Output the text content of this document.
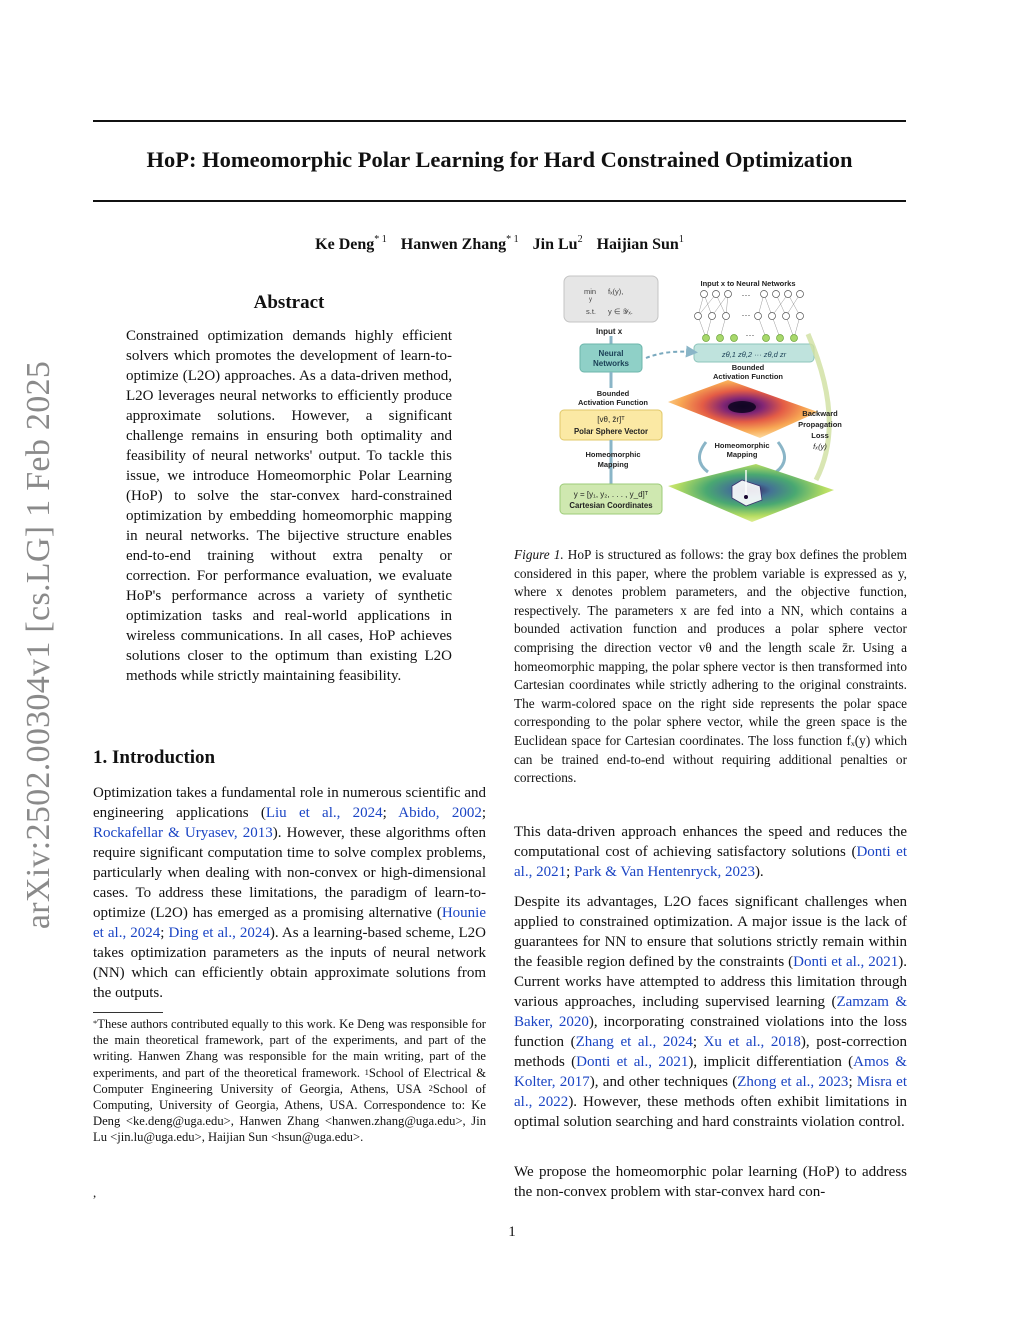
HoP: Homeomorphic Polar Learning for Hard Constrained Optimization
Ke Deng$^{* 1}$ Hanwen Zhang$^{* 1}$ Jin Lu$^2$ Haijian Sun$^1$
arXiv:2502.00304v1 [cs.LG] 1 Feb 2025
Abstract
Constrained optimization demands highly efficient solvers which promotes the development of learn-to-optimize (L2O) approaches. As a data-driven method, L2O leverages neural networks to efficiently produce approximate solutions. However, a significant challenge remains in ensuring both optimality and feasibility of neural networks' output. To tackle this issue, we introduce Homeomorphic Polar Learning (HoP) to solve the star-convex hard-constrained optimization by embedding homeomorphic mapping in neural networks. The bijective structure enables end-to-end training without extra penalty or correction. For performance evaluation, we evaluate HoP's performance across a variety of synthetic optimization tasks and real-world applications in wireless communications. In all cases, HoP achieves solutions closer to the optimum than existing L2O methods while strictly maintaining feasibility.
1. Introduction
Optimization takes a fundamental role in numerous scientific and engineering applications (Liu et al., 2024; Abido, 2002; Rockafellar & Uryasev, 2013). However, these algorithms often require significant computation time to solve complex problems, particularly when dealing with non-convex or high-dimensional cases. To address these limitations, the paradigm of learn-to-optimize (L2O) has emerged as a promising alternative (Hounie et al., 2024; Ding et al., 2024). As a learning-based scheme, L2O takes optimization parameters as the inputs of neural network (NN) which can efficiently obtain approximate solutions from the outputs.
*These authors contributed equally to this work. Ke Deng was responsible for the main theoretical framework, part of the experiments, and part of the writing. Hanwen Zhang was responsible for the main writing, part of the experiments, and part of the theoretical framework. $^1$School of Electrical & Computer Engineering University of Georgia, Athens, USA $^2$School of Computing, University of Georgia, Athens, USA. Correspondence to: Ke Deng <ke.deng@uga.edu>, Hanwen Zhang <hanwen.zhang@uga.edu>, Jin Lu <jin.lu@uga.edu>, Haijian Sun <hsun@uga.edu>.
,
min fₓ(y),
y
s.t. y ∈ 𝒴ₓ.
Input x
Neural
Networks
Bounded
Activation Function
[vθ, z̄r]ᵀ
Polar Sphere Vector
Homeomorphic
Mapping
y = [y₁, y₂, . . . , y_d]ᵀ
Cartesian Coordinates
Input x to Neural Networks
···
···
···
zθ,1 zθ,2 ··· zθ,d zr
Bounded
Activation Function
Homeomorphic
Mapping
Backward
Propagation
Loss
fₓ(y)
Figure 1. HoP is structured as follows: the gray box defines the problem considered in this paper, where the problem variable is expressed as y, where x denotes problem parameters, and the objective function, respectively. The parameters x are fed into a NN, which contains a bounded activation function and produces a polar sphere vector comprising the direction vector vθ and the length scale z̄r. Using a homeomorphic mapping, the polar sphere vector is then transformed into Cartesian coordinates while strictly adhering to the original constraints. The warm-colored space on the right side represents the polar space corresponding to the polar sphere vector, while the green space is the Euclidean space for Cartesian coordinates. The loss function fₓ(y) which can be trained end-to-end without requiring additional penalties or corrections.
This data-driven approach enhances the speed and reduces the computational cost of achieving satisfactory solutions (Donti et al., 2021; Park & Van Hentenryck, 2023).
Despite its advantages, L2O faces significant challenges when applied to constrained optimization. A major issue is the lack of guarantees for NN to ensure that solutions strictly remain within the feasible region defined by the constraints (Donti et al., 2021). Current works have attempted to address this limitation through various approaches, including supervised learning (Zamzam & Baker, 2020), incorporating constrained violations into the loss function (Zhang et al., 2024; Xu et al., 2018), post-correction methods (Donti et al., 2021), implicit differentiation (Amos & Kolter, 2017), and other techniques (Zhong et al., 2023; Misra et al., 2022). However, these methods often exhibit limitations in optimal solution searching and hard constraints violation control.
We propose the homeomorphic polar learning (HoP) to address the non-convex problem with star-convex hard con-
1
